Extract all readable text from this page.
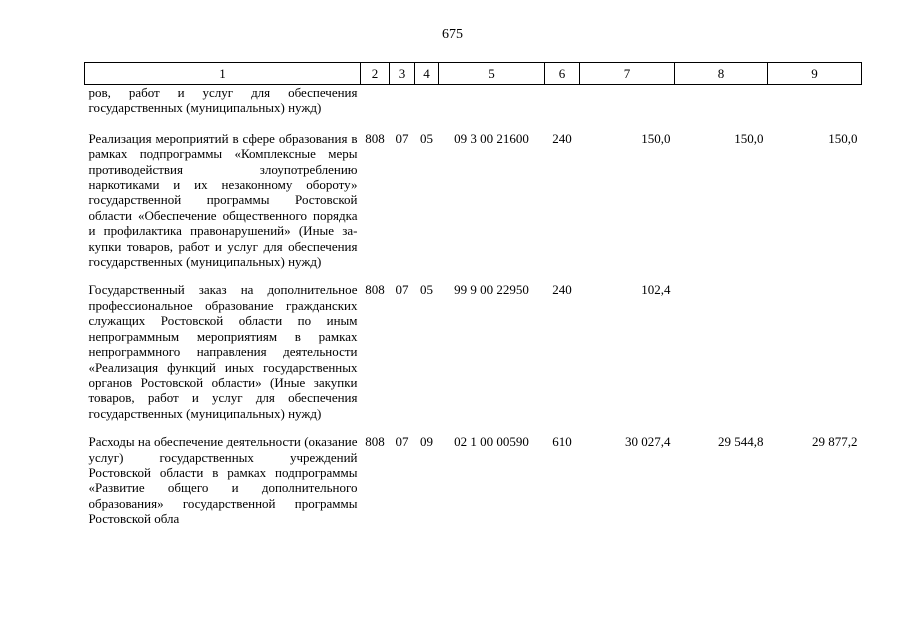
675
1	2	3	4	5	6	7	8	9
ров, работ и услуг для обеспечения государственных (муниципальных) нужд)								
Реализация мероприятий в сфере образования в рамках подпрограммы «Комплексные меры противодействия злоупотреблению наркотиками и их незаконному обороту» государственной программы Ростовской области «Обеспечение общественного порядка и профилактика правонарушений» (Иные закупки товаров, работ и услуг для обеспечения государственных (муниципальных) нужд)	808	07	05	09 3 00 21600	240	150,0	150,0	150,0
Государственный заказ на дополнительное профессиональное образование гражданских служащих Ростовской области по иным непрограммным мероприятиям в рамках непрограммного направления деятельности «Реализация функций иных государственных органов Ростовской области» (Иные закупки товаров, работ и услуг для обеспечения государственных (муниципальных) нужд)	808	07	05	99 9 00 22950	240	102,4		
Расходы на обеспечение деятельности (оказание услуг) государственных учреждений Ростовской области в рамках подпрограммы «Развитие общего и дополнительного образования» государственной программы Ростовской обла	808	07	09	02 1 00 00590	610	30 027,4	29 544,8	29 877,2
